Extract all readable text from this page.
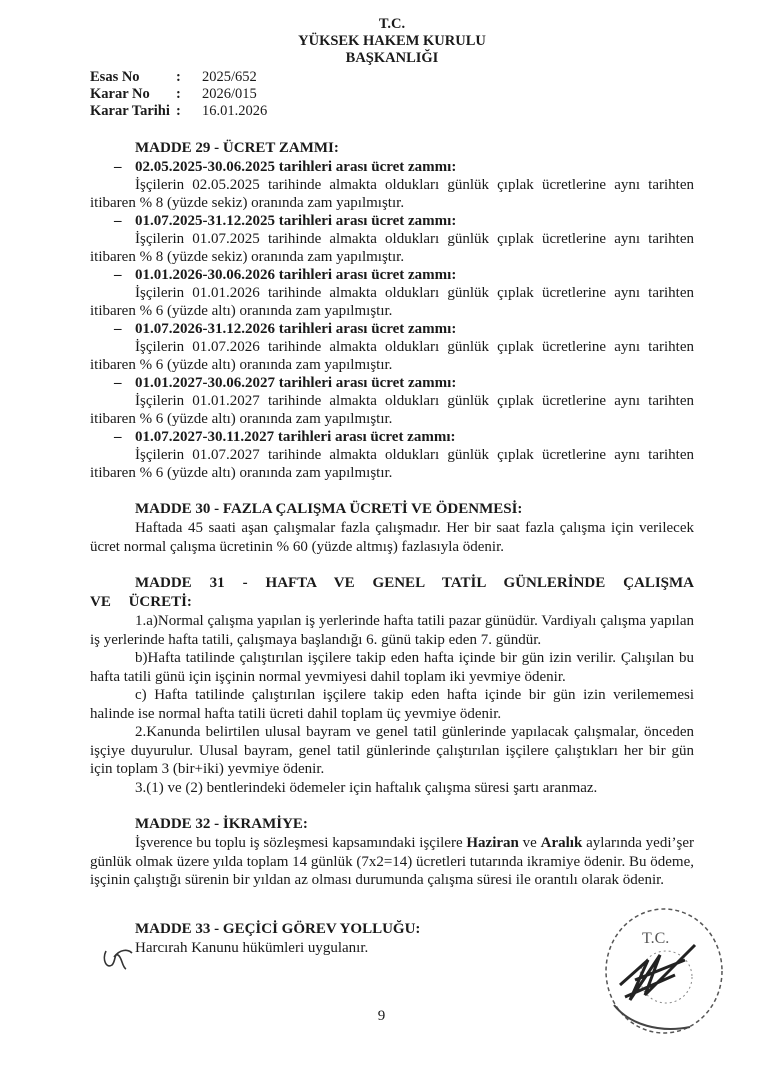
T.C.
YÜKSEK HAKEM KURULU
BAŞKANLIĞI
Esas No	:	2025/652
Karar No	:	2026/015
Karar Tarihi :	16.01.2026
MADDE 29 - ÜCRET ZAMMI:
– 02.05.2025-30.06.2025 tarihleri arası ücret zammı:

İşçilerin 02.05.2025 tarihinde almakta oldukları günlük çıplak ücretlerine aynı tarihten itibaren % 8 (yüzde sekiz) oranında zam yapılmıştır.

– 01.07.2025-31.12.2025 tarihleri arası ücret zammı:

İşçilerin 01.07.2025 tarihinde almakta oldukları günlük çıplak ücretlerine aynı tarihten itibaren % 8 (yüzde sekiz) oranında zam yapılmıştır.

– 01.01.2026-30.06.2026 tarihleri arası ücret zammı:

İşçilerin 01.01.2026 tarihinde almakta oldukları günlük çıplak ücretlerine aynı tarihten itibaren % 6 (yüzde altı) oranında zam yapılmıştır.

– 01.07.2026-31.12.2026 tarihleri arası ücret zammı:

İşçilerin 01.07.2026 tarihinde almakta oldukları günlük çıplak ücretlerine aynı tarihten itibaren % 6 (yüzde altı) oranında zam yapılmıştır.

– 01.01.2027-30.06.2027 tarihleri arası ücret zammı:

İşçilerin 01.01.2027 tarihinde almakta oldukları günlük çıplak ücretlerine aynı tarihten itibaren % 6 (yüzde altı) oranında zam yapılmıştır.

– 01.07.2027-30.11.2027 tarihleri arası ücret zammı:

İşçilerin 01.07.2027 tarihinde almakta oldukları günlük çıplak ücretlerine aynı tarihten itibaren % 6 (yüzde altı) oranında zam yapılmıştır.

MADDE 30 - FAZLA ÇALIŞMA ÜCRETİ VE ÖDENMESİ:

Haftada 45 saati aşan çalışmalar fazla çalışmadır. Her bir saat fazla çalışma için verilecek ücret normal çalışma ücretinin % 60 (yüzde altmış) fazlasıyla ödenir.

MADDE 31 - HAFTA VE GENEL TATİL GÜNLERİNDE ÇALIŞMA VE ÜCRETİ:

1.a)Normal çalışma yapılan iş yerlerinde hafta tatili pazar günüdür. Vardiyalı çalışma yapılan iş yerlerinde hafta tatili, çalışmaya başlandığı 6. günü takip eden 7. gündür.

b)Hafta tatilinde çalıştırılan işçilere takip eden hafta içinde bir gün izin verilir. Çalışılan bu hafta tatili günü için işçinin normal yevmiyesi dahil toplam iki yevmiye ödenir.

c) Hafta tatilinde çalıştırılan işçilere takip eden hafta içinde bir gün izin verilememesi halinde ise normal hafta tatili ücreti dahil toplam üç yevmiye ödenir.

2.Kanunda belirtilen ulusal bayram ve genel tatil günlerinde yapılacak çalışmalar, önceden işçiye duyurulur. Ulusal bayram, genel tatil günlerinde çalıştırılan işçilere çalıştıkları her bir gün için toplam 3 (bir+iki) yevmiye ödenir.

3.(1) ve (2) bentlerindeki ödemeler için haftalık çalışma süresi şartı aranmaz.

MADDE 32 - İKRAMİYE:

İşverence bu toplu iş sözleşmesi kapsamındaki işçilere Haziran ve Aralık aylarında yedi’şer günlük olmak üzere yılda toplam 14 günlük (7x2=14) ücretleri tutarında ikramiye ödenir. Bu ödeme, işçinin çalıştığı sürenin bir yıldan az olması durumunda çalışma süresi ile orantılı olarak ödenir.

MADDE 33 - GEÇİCİ GÖREV YOLLUĞU:

Harcırah Kanunu hükümleri uygulanır.

T.C.
9
